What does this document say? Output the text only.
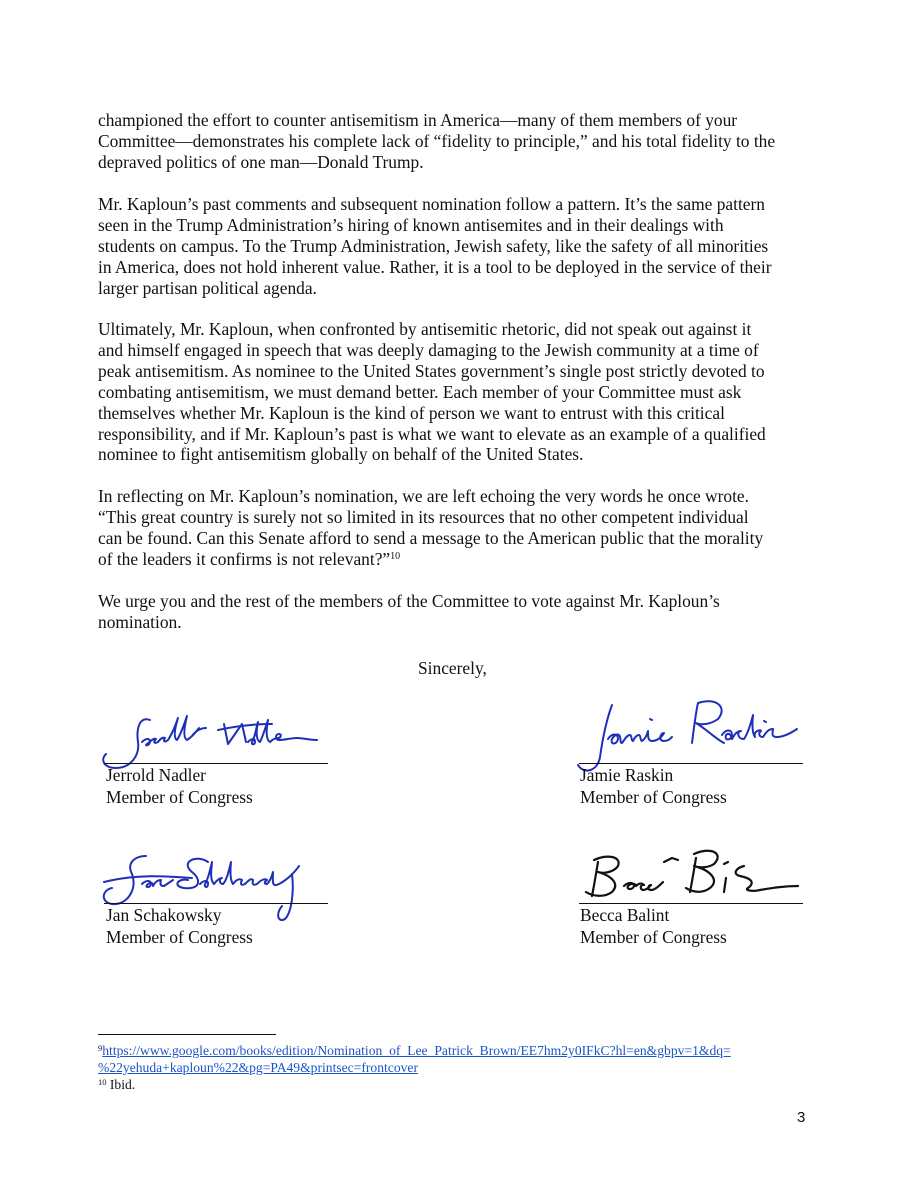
championed the effort to counter antisemitism in America—many of them members of your
Committee—demonstrates his complete lack of “fidelity to principle,” and his total fidelity to the
depraved politics of one man—Donald Trump.
Mr. Kaploun’s past comments and subsequent nomination follow a pattern. It’s the same pattern
seen in the Trump Administration’s hiring of known antisemites and in their dealings with
students on campus. To the Trump Administration, Jewish safety, like the safety of all minorities
in America, does not hold inherent value. Rather, it is a tool to be deployed in the service of their
larger partisan political agenda.
Ultimately, Mr. Kaploun, when confronted by antisemitic rhetoric, did not speak out against it
and himself engaged in speech that was deeply damaging to the Jewish community at a time of
peak antisemitism. As nominee to the United States government’s single post strictly devoted to
combating antisemitism, we must demand better. Each member of your Committee must ask
themselves whether Mr. Kaploun is the kind of person we want to entrust with this critical
responsibility, and if Mr. Kaploun’s past is what we want to elevate as an example of a qualified
nominee to fight antisemitism globally on behalf of the United States.
In reflecting on Mr. Kaploun’s nomination, we are left echoing the very words he once wrote.
“This great country is surely not so limited in its resources that no other competent individual
can be found. Can this Senate afford to send a message to the American public that the morality
of the leaders it confirms is not relevant?”$^{10}$
We urge you and the rest of the members of the Committee to vote against Mr. Kaploun’s
nomination.
Sincerely,
Jerrold Nadler
Member of Congress
Jamie Raskin
Member of Congress
Jan Schakowsky
Member of Congress
Becca Balint
Member of Congress
$^9$https://www.google.com/books/edition/Nomination_of_Lee_Patrick_Brown/EE7hm2y0IFkC?hl=en&gbpv=1&dq=
%22yehuda+kaploun%22&pg=PA49&printsec=frontcover
$^{10}$ Ibid.
3
